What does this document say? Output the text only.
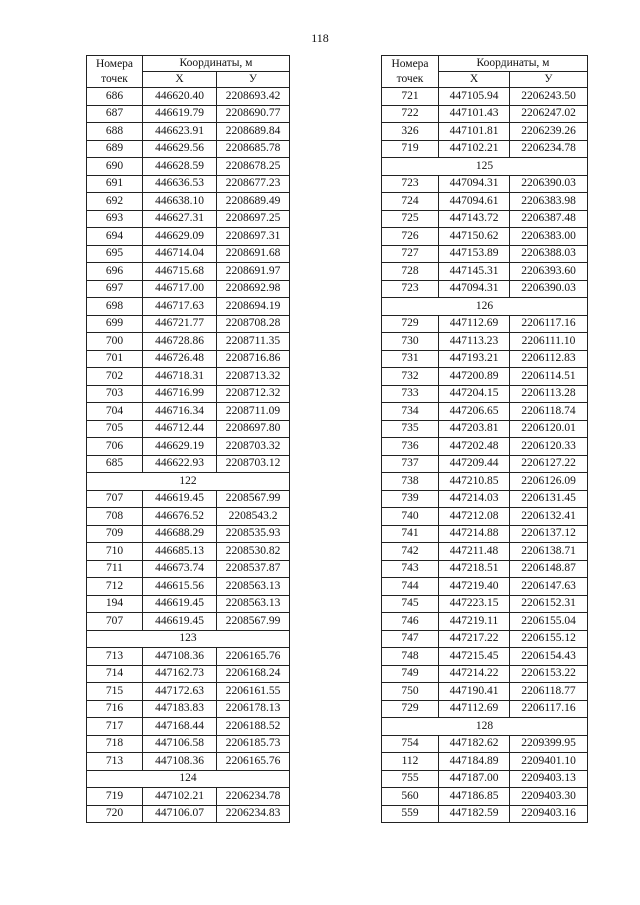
118
Номера
точек	Координаты, м	
	X	У
686	446620.40	2208693.42
687	446619.79	2208690.77
688	446623.91	2208689.84
689	446629.56	2208685.78
690	446628.59	2208678.25
691	446636.53	2208677.23
692	446638.10	2208689.49
693	446627.31	2208697.25
694	446629.09	2208697.31
695	446714.04	2208691.68
696	446715.68	2208691.97
697	446717.00	2208692.98
698	446717.63	2208694.19
699	446721.77	2208708.28
700	446728.86	2208711.35
701	446726.48	2208716.86
702	446718.31	2208713.32
703	446716.99	2208712.32
704	446716.34	2208711.09
705	446712.44	2208697.80
706	446629.19	2208703.32
685	446622.93	2208703.12
122		
707	446619.45	2208567.99
708	446676.52	2208543.2
709	446688.29	2208535.93
710	446685.13	2208530.82
711	446673.74	2208537.87
712	446615.56	2208563.13
194	446619.45	2208563.13
707	446619.45	2208567.99
123		
713	447108.36	2206165.76
714	447162.73	2206168.24
715	447172.63	2206161.55
716	447183.83	2206178.13
717	447168.44	2206188.52
718	447106.58	2206185.73
713	447108.36	2206165.76
124		
719	447102.21	2206234.78
720	447106.07	2206234.83
Номера
точек	Координаты, м	
	X	У
721	447105.94	2206243.50
722	447101.43	2206247.02
326	447101.81	2206239.26
719	447102.21	2206234.78
125		
723	447094.31	2206390.03
724	447094.61	2206383.98
725	447143.72	2206387.48
726	447150.62	2206383.00
727	447153.89	2206388.03
728	447145.31	2206393.60
723	447094.31	2206390.03
126		
729	447112.69	2206117.16
730	447113.23	2206111.10
731	447193.21	2206112.83
732	447200.89	2206114.51
733	447204.15	2206113.28
734	447206.65	2206118.74
735	447203.81	2206120.01
736	447202.48	2206120.33
737	447209.44	2206127.22
738	447210.85	2206126.09
739	447214.03	2206131.45
740	447212.08	2206132.41
741	447214.88	2206137.12
742	447211.48	2206138.71
743	447218.51	2206148.87
744	447219.40	2206147.63
745	447223.15	2206152.31
746	447219.11	2206155.04
747	447217.22	2206155.12
748	447215.45	2206154.43
749	447214.22	2206153.22
750	447190.41	2206118.77
729	447112.69	2206117.16
128		
754	447182.62	2209399.95
112	447184.89	2209401.10
755	447187.00	2209403.13
560	447186.85	2209403.30
559	447182.59	2209403.16
